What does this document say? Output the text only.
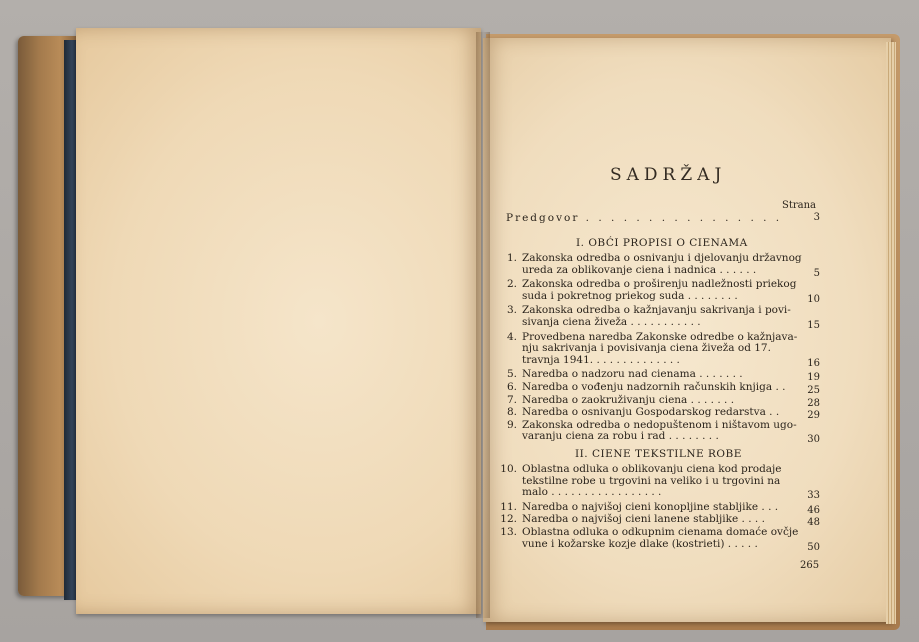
SADRŽAJ
Strana
Predgovor . . . . . . . . . . . . . . . .	3
I. OBĆI PROPISI O CIENAMA
II. CIENE TEKSTILNE ROBE
265
1. Zakonska odredba o osnivanju i djelovanju državnog
ureda za oblikovanje ciena i nadnica . . . . . .	5
2. Zakonska odredba o proširenju nadležnosti priekog
suda i pokretnog priekog suda . . . . . . . .	10
3. Zakonska odredba o kažnjavanju sakrivanja i povi-
sivanja ciena živeža . . . . . . . . . . .	15
4. Provedbena naredba Zakonske odredbe o kažnjava-
nju sakrivanja i povisivanja ciena živeža od 17.
travnja 1941. . . . . . . . . . . . . .	16
5. Naredba o nadzoru nad cienama . . . . . . .	19
6. Naredba o vođenju nadzornih računskih knjiga . .	25
7. Naredba o zaokruživanju ciena . . . . . . .	28
8. Naredba o osnivanju Gospodarskog redarstva . .	29
9. Zakonska odredba o nedopuštenom i ništavom ugo-
varanju ciena za robu i rad . . . . . . . .	30
10. Oblastna odluka o oblikovanju ciena kod prodaje
tekstilne robe u trgovini na veliko i u trgovini na
malo . . . . . . . . . . . . . . . . .	33
11. Naredba o najvišoj cieni konopljine stabljike . . .	46
12. Naredba o najvišoj cieni lanene stabljike . . . .	48
13. Oblastna odluka o odkupnim cienama domaće ovčje
vune i kožarske kozje dlake (kostrieti) . . . . .	50
